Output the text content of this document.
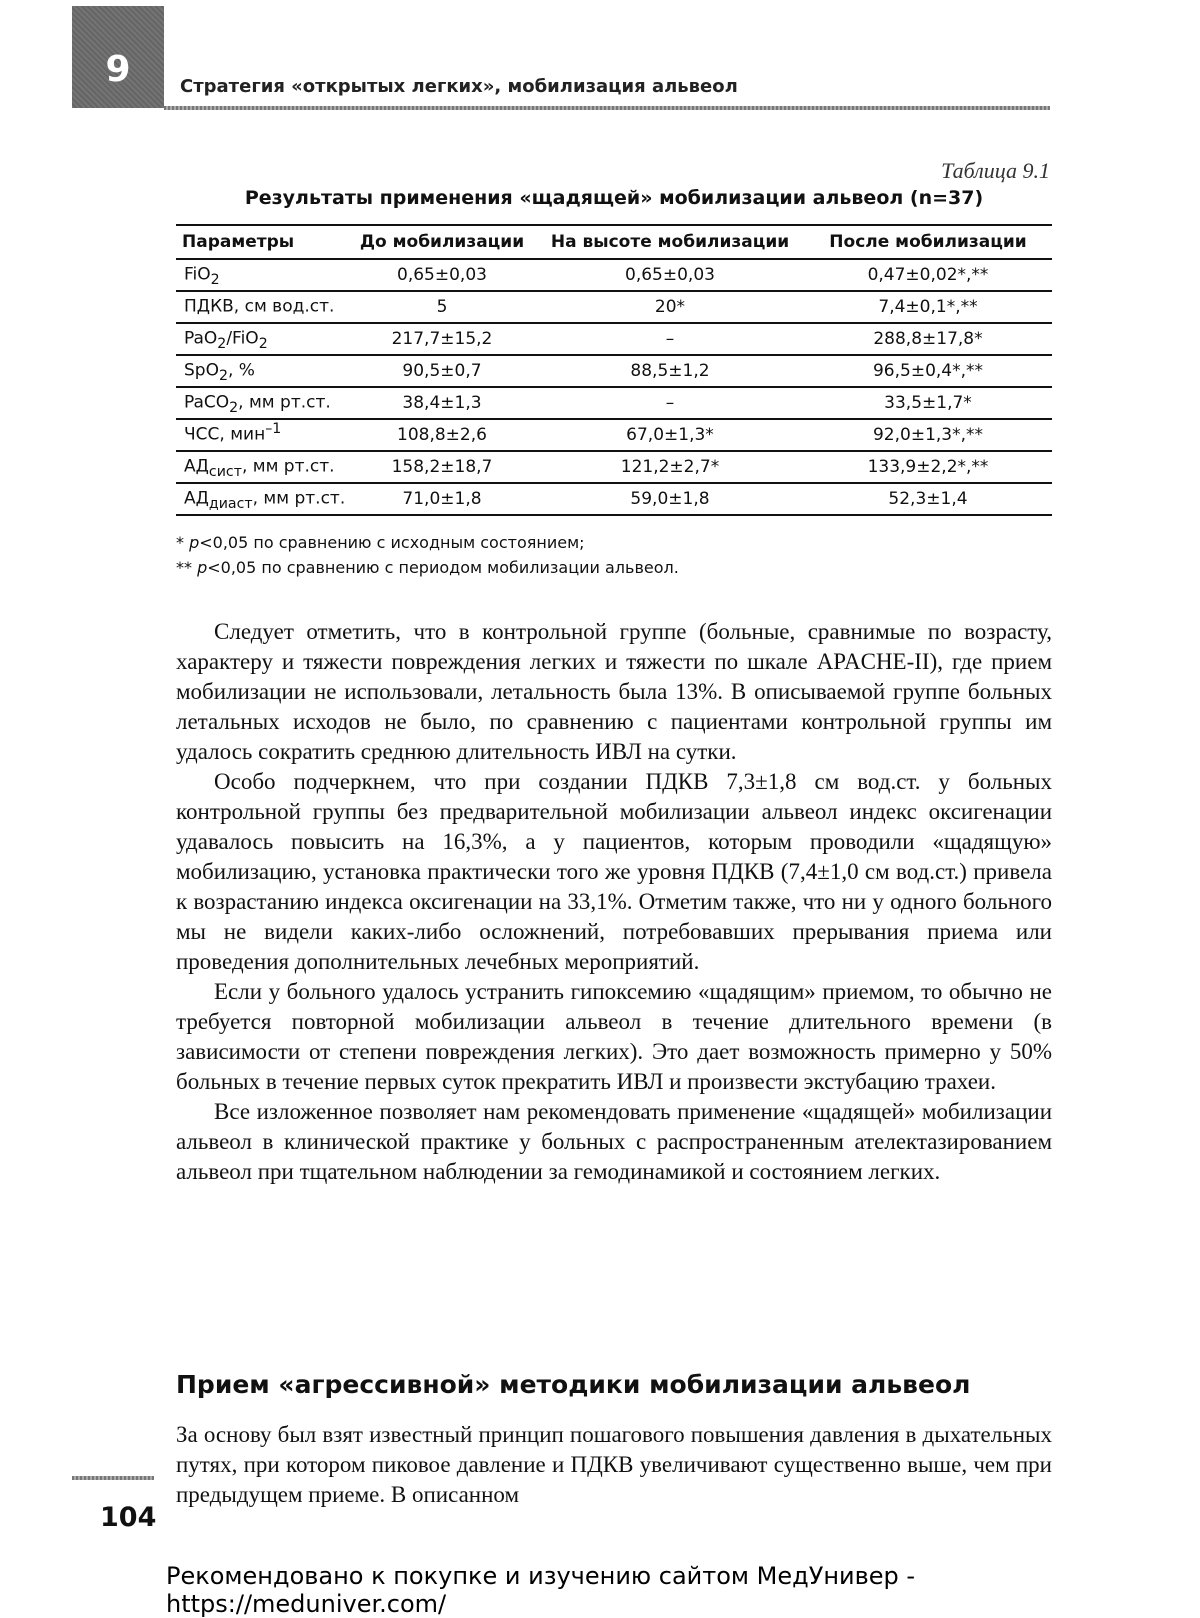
9	Стратегия «открытых легких», мобилизация альвеол
Таблица 9.1
Результаты применения «щадящей» мобилизации альвеол (n=37)
Параметры	До мобилизации	На высоте мобилизации	После мобилизации
FiO$_2$	0,65±0,03	0,65±0,03	0,47±0,02*,**
ПДКВ, см вод.ст.	5	20*	7,4±0,1*,**
PaO$_2$/FiO$_2$	217,7±15,2	–	288,8±17,8*
SpO$_2$, %	90,5±0,7	88,5±1,2	96,5±0,4*,**
PaCO$_2$, мм рт.ст.	38,4±1,3	–	33,5±1,7*
ЧСС, мин$^{-1}$	108,8±2,6	67,0±1,3*	92,0±1,3*,**
$АД_{сист}$, мм рт.ст.	158,2±18,7	121,2±2,7*	133,9±2,2*,**
$АД_{диаст}$, мм рт.ст.	71,0±1,8	59,0±1,8	52,3±1,4
* p<0,05 по сравнению с исходным состоянием;
** p<0,05 по сравнению с периодом мобилизации альвеол.

Следует отметить, что в контрольной группе (больные, сравнимые по возрасту, характеру и тяжести повреждения легких и тяжести по шкале APACHE-II), где прием мобилизации не использовали, летальность была 13%. В описываемой группе больных летальных исходов не было, по сравнению с пациентами контрольной группы им удалось сократить среднюю длительность ИВЛ на сутки.

Особо подчеркнем, что при создании ПДКВ 7,3±1,8 см вод.ст. у больных контрольной группы без предварительной мобилизации альвеол индекс оксигенации удавалось повысить на 16,3%, а у пациентов, которым проводили «щадящую» мобилизацию, установка практически того же уровня ПДКВ (7,4±1,0 см вод.ст.) привела к возрастанию индекса оксигенации на 33,1%. Отметим также, что ни у одного больного мы не видели каких-либо осложнений, потребовавших прерывания приема или проведения дополнительных лечебных мероприятий.

Если у больного удалось устранить гипоксемию «щадящим» приемом, то обычно не требуется повторной мобилизации альвеол в течение длительного времени (в зависимости от степени повреждения легких). Это дает возможность примерно у 50% больных в течение первых суток прекратить ИВЛ и произвести экстубацию трахеи.

Все изложенное позволяет нам рекомендовать применение «щадящей» мобилизации альвеол в клинической практике у больных с распространенным ателектазированием альвеол при тщательном наблюдении за гемодинамикой и состоянием легких.

Прием «агрессивной» методики мобилизации альвеол

За основу был взят известный принцип пошагового повышения давления в дыхательных путях, при котором пиковое давление и ПДКВ увеличивают существенно выше, чем при предыдущем приеме. В описанном

104
Рекомендовано к покупке и изучению сайтом МедУнивер - https://meduniver.com/
